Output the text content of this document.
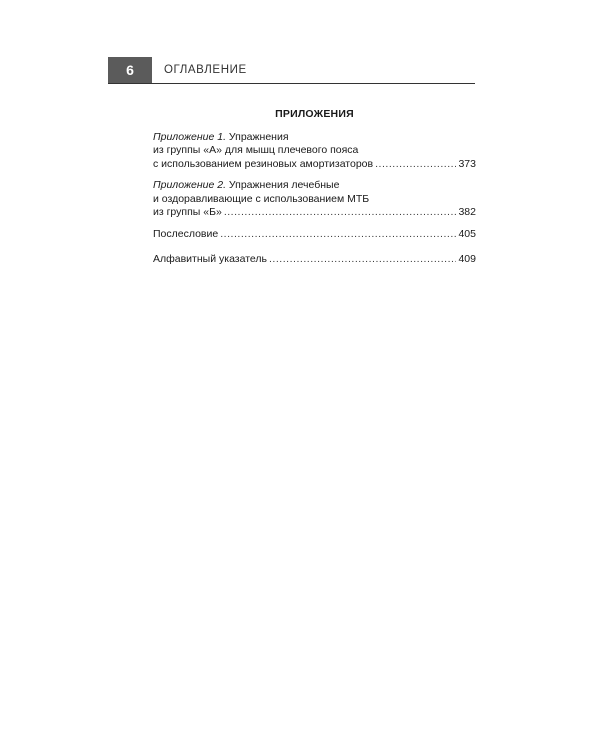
6	ОГЛАВЛЕНИЕ
ПРИЛОЖЕНИЯ
Приложение 1. Упражнения
из группы «А» для мышц плечевого пояса
с использованием резиновых амортизаторов . . .	373
Приложение 2. Упражнения лечебные
и оздоравливающие с использованием МТБ
из группы «Б» . . .	382
Послесловие . . .	405
Алфавитный указатель . . .	409
